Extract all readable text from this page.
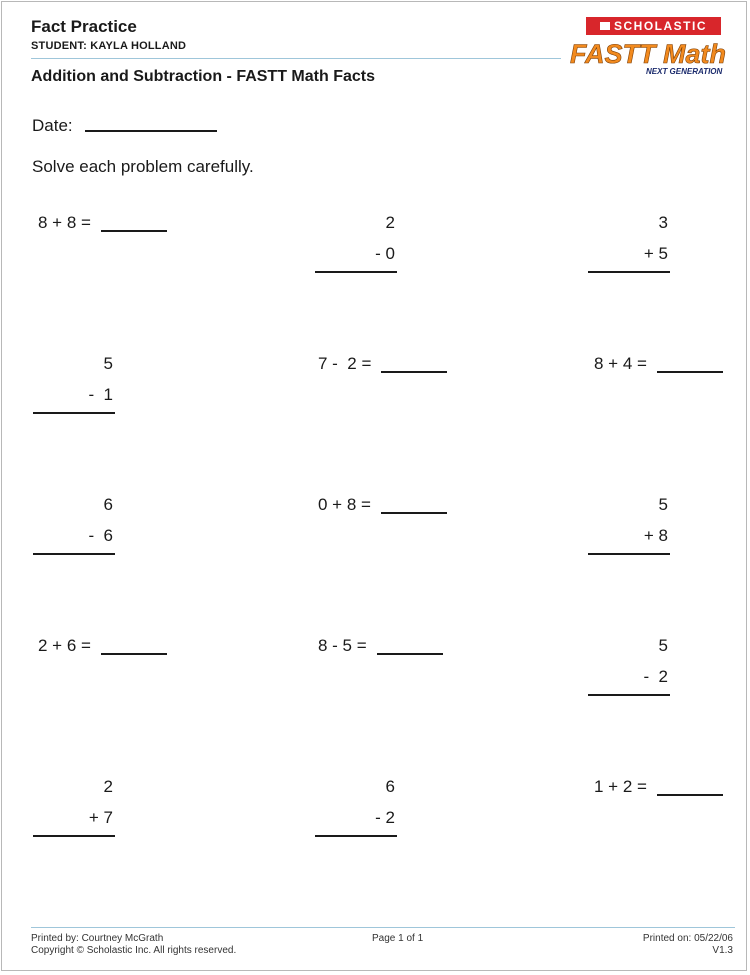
Fact Practice
STUDENT: KAYLA HOLLAND
Addition and Subtraction - FASTT Math Facts
SCHOLASTIC
FASTT Math
NEXT GENERATION
Date:
Solve each problem carefully.
8 + 8 =	2
- 0
3
+ 5
5
-  1
7 -  2 =	8 + 4 =
6
-  6
0 + 8 =	5
+ 8
2 + 6 =	8 - 5 =	5
-  2
2
+ 7
6
- 2
1 + 2 =
Printed by: Courtney McGrath
Copyright © Scholastic Inc. All rights reserved.
Page 1 of 1	Printed on: 05/22/06
V1.3
